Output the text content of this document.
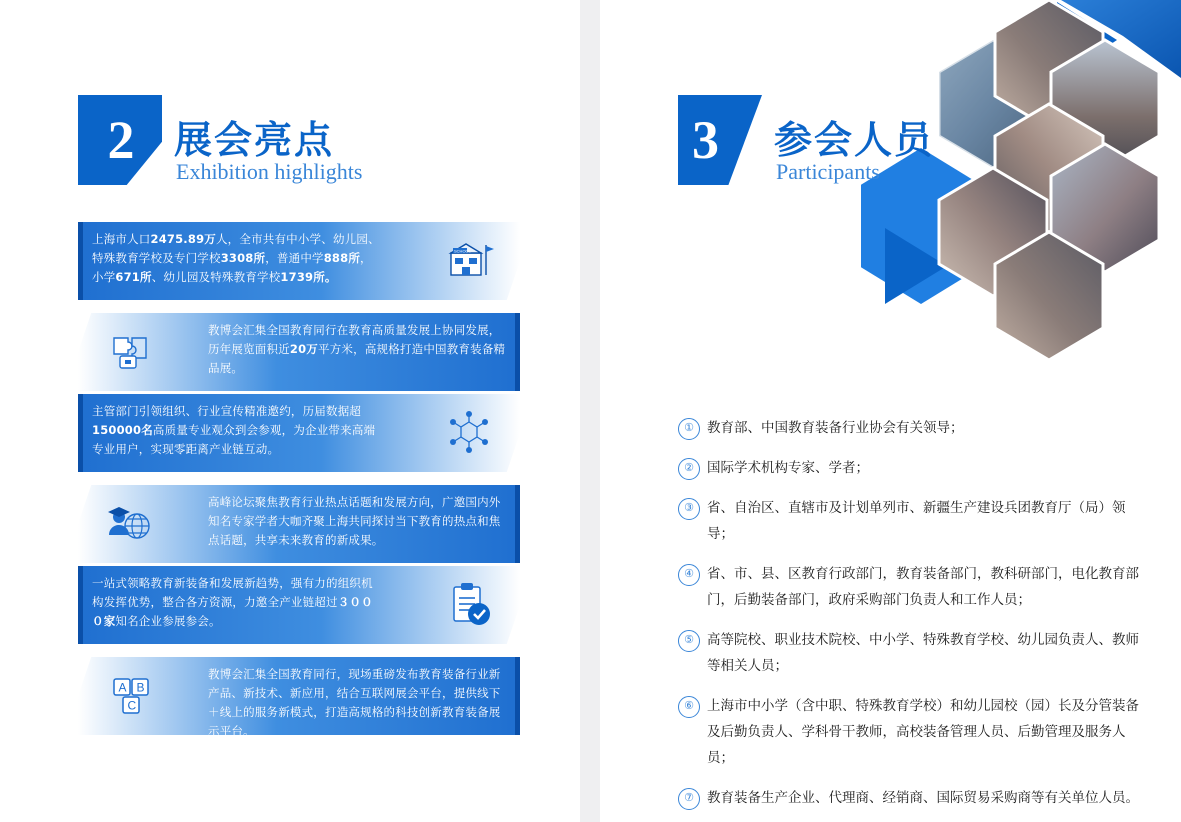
2	展会亮点
Exhibition highlights
上海市人口2475.89万人，全市共有中小学、幼儿园、特殊教育学校及专门学校3308所，普通中学888所，小学671所、幼儿园及特殊教育学校1739所。
SCHOOL
教博会汇集全国教育同行在教育高质量发展上协同发展，历年展览面积近20万平方米，高规格打造中国教育装备精品展。
主管部门引领组织、行业宣传精准邀约，历届数据超150000名高质量专业观众到会参观，为企业带来高端专业用户，实现零距离产业链互动。
高峰论坛聚焦教育行业热点话题和发展方向，广邀国内外知名专家学者大咖齐聚上海共同探讨当下教育的热点和焦点话题，共享未来教育的新成果。
一站式领略教育新装备和发展新趋势，强有力的组织机构发挥优势，整合各方资源，力邀全产业链超过３０００家知名企业参展参会。
A B
C
教博会汇集全国教育同行，现场重磅发布教育装备行业新产品、新技术、新应用，结合互联网展会平台，提供线下＋线上的服务新模式，打造高规格的科技创新教育装备展示平台。
3	参会人员
Participants
① 教育部、中国教育装备行业协会有关领导；
② 国际学术机构专家、学者；
③ 省、自治区、直辖市及计划单列市、新疆生产建设兵团教育厅（局）领导；
④ 省、市、县、区教育行政部门，教育装备部门，教科研部门，电化教育部门，后勤装备部门，政府采购部门负责人和工作人员；
⑤ 高等院校、职业技术院校、中小学、特殊教育学校、幼儿园负责人、教师等相关人员；
⑥ 上海市中小学（含中职、特殊教育学校）和幼儿园校（园）长及分管装备及后勤负责人、学科骨干教师，高校装备管理人员、后勤管理及服务人员；
⑦ 教育装备生产企业、代理商、经销商、国际贸易采购商等有关单位人员。
